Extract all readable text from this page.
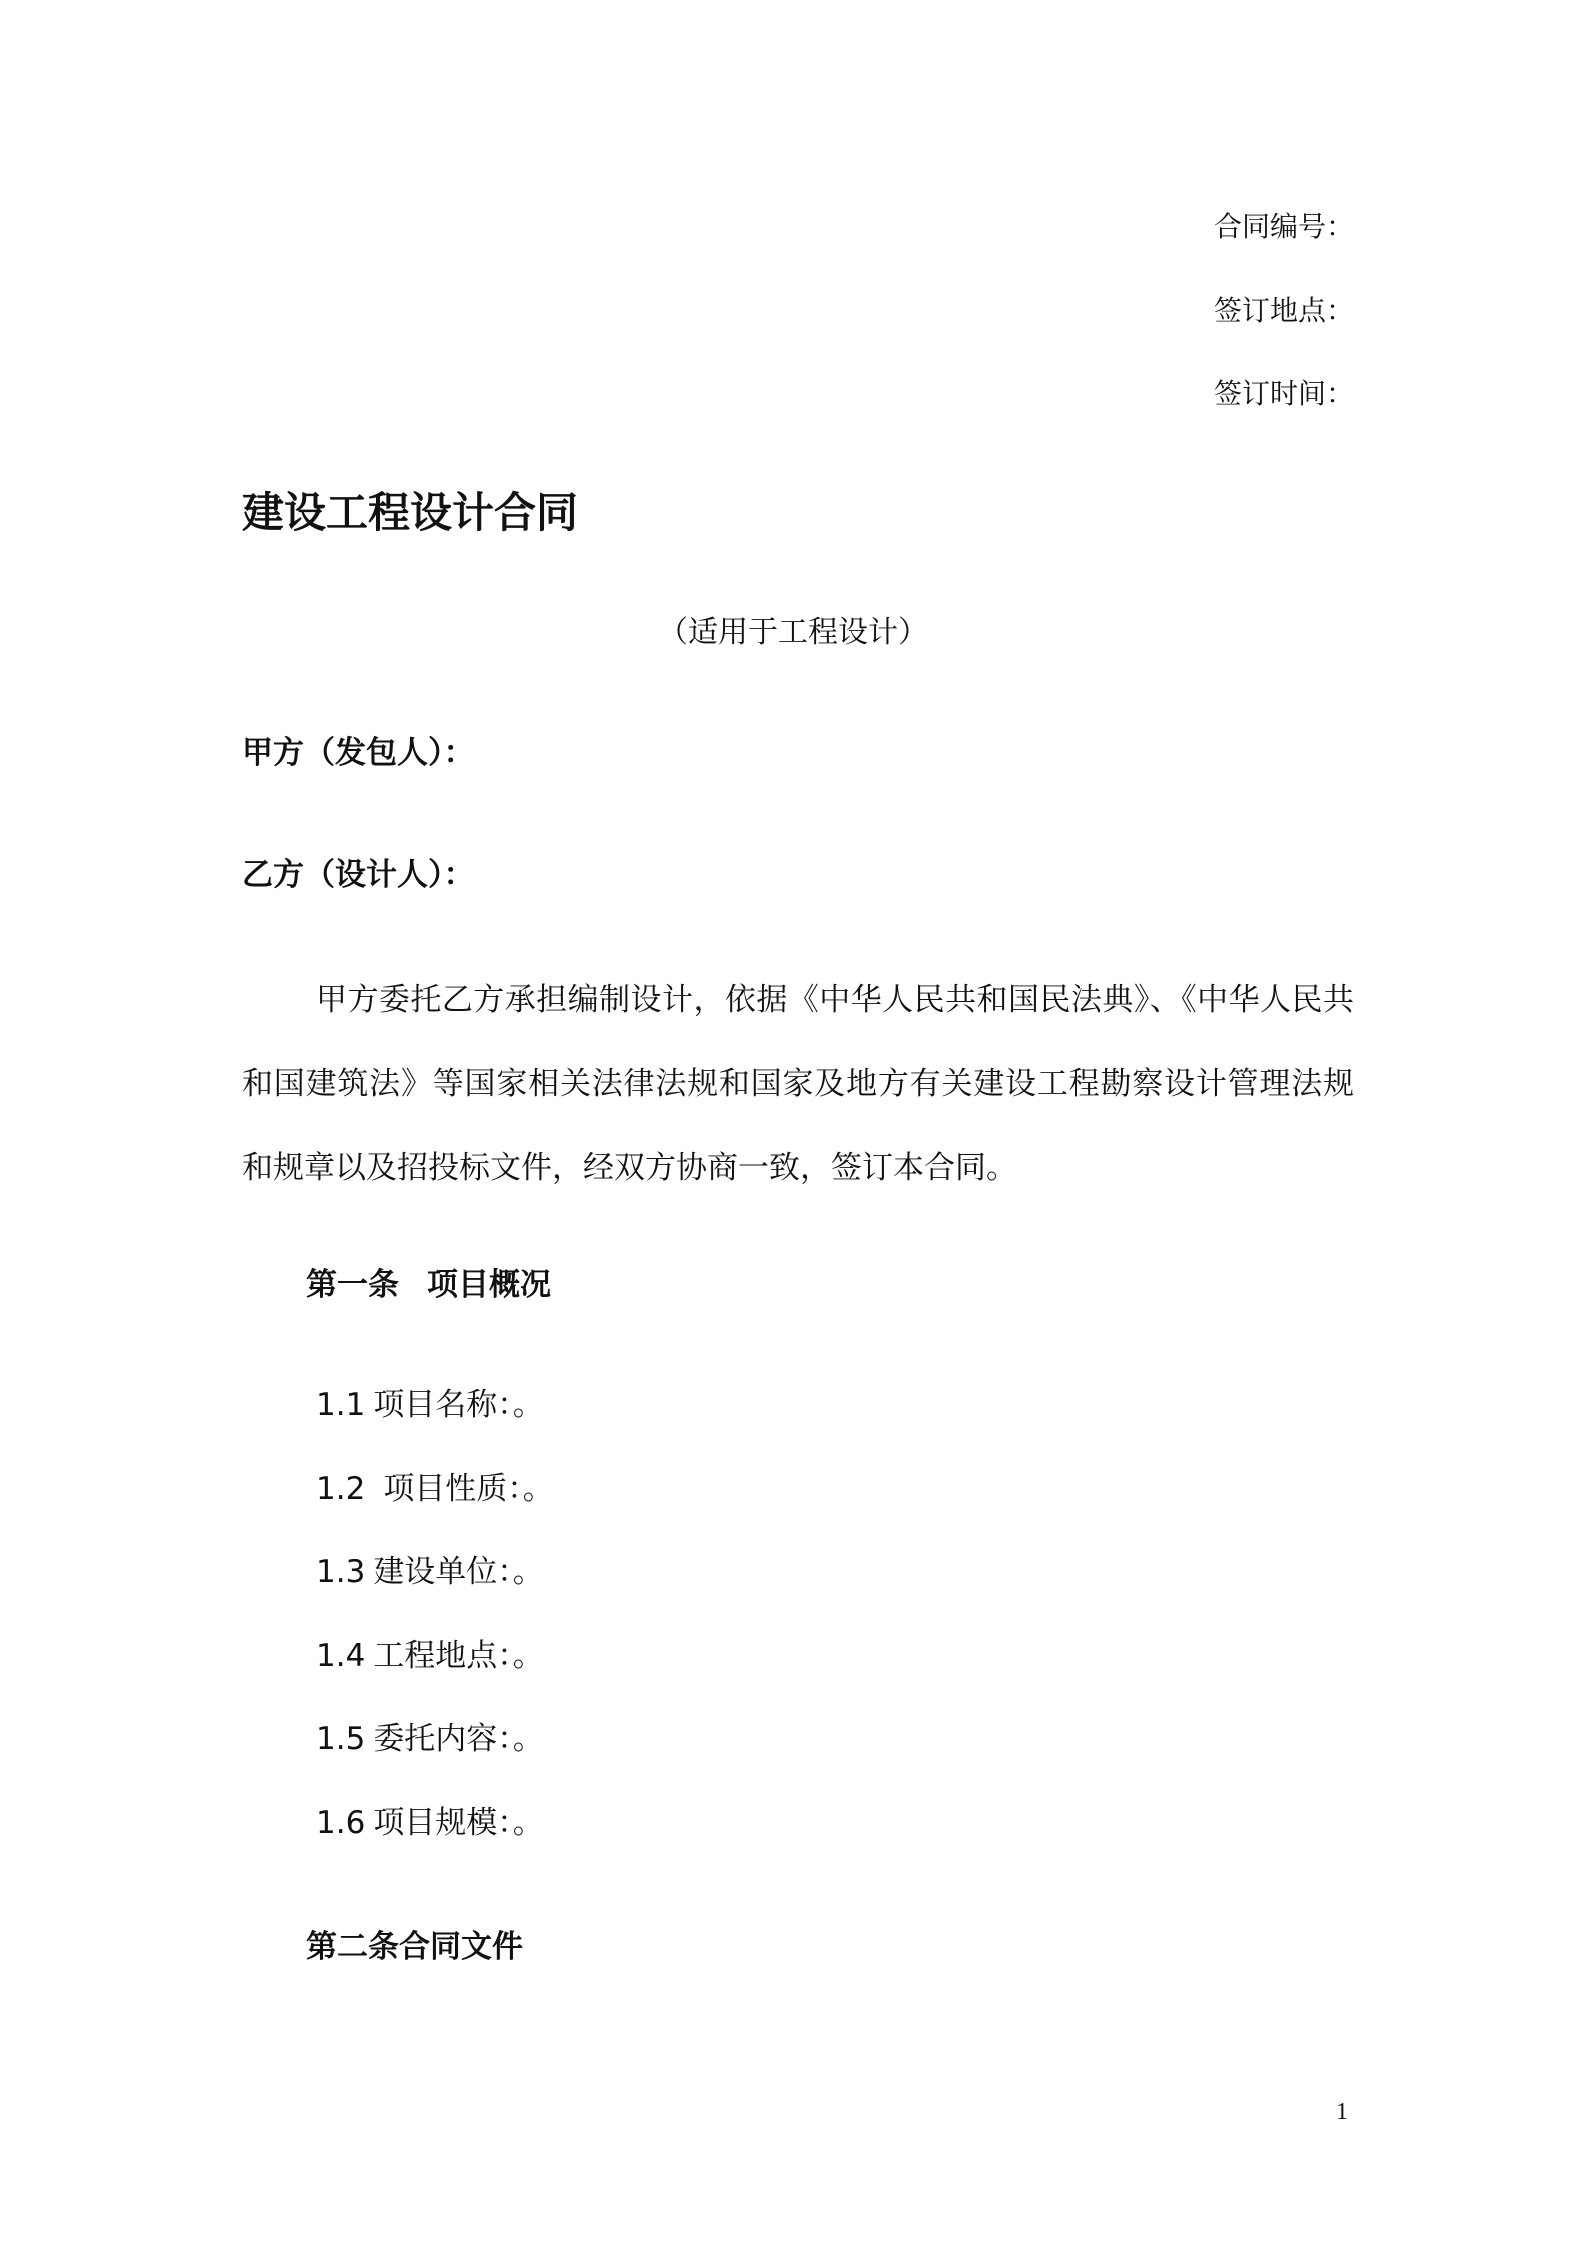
合同编号：
签订地点：
签订时间：
建设工程设计合同
（适用于工程设计）
甲方（发包人）：
乙方（设计人）：

甲方委托乙方承担编制设计，依据《中华人民共和国民法典》、《中华人民共和国建筑法》等国家相关法律法规和国家及地方有关建设工程勘察设计管理法规和规章以及招投标文件，经双方协商一致，签订本合同。

第一条 项目概况
1.1 项目名称：。
1.2 项目性质：。
1.3 建设单位：。
1.4 工程地点：。
1.5 委托内容：。
1.6 项目规模：。
第二条合同文件
1
